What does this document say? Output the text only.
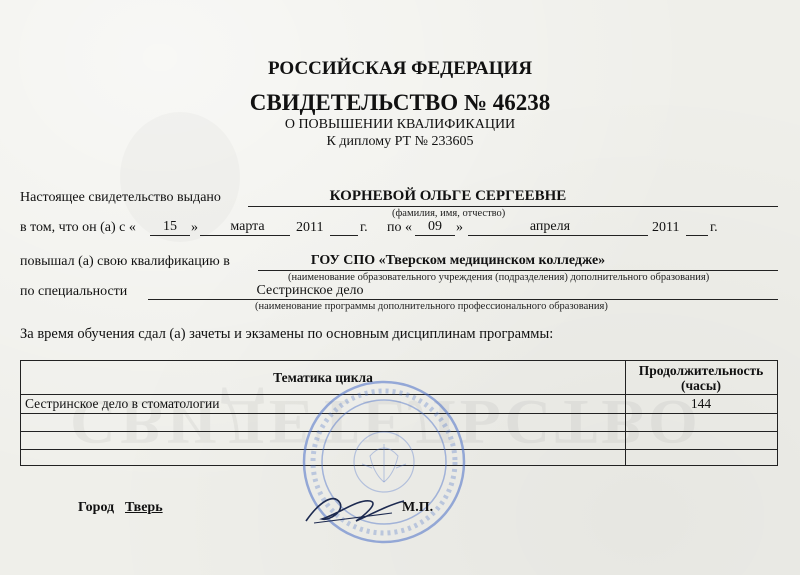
РОССИЙСКАЯ ФЕДЕРАЦИЯ
СВИДЕТЕЛЬСТВО № 46238
О ПОВЫШЕНИИ КВАЛИФИКАЦИИ
К диплому РТ № 233605
Настоящее свидетельство выдано	КОРНЕВОЙ ОЛЬГЕ СЕРГЕЕВНЕ
(фамилия, имя, отчество)
в том, что он (а) с «	15	»	марта	2011	г. по «	09	»	апреля	2011 г.
повышал (а) свою квалификацию в	ГОУ СПО «Тверском медицинском колледже»
(наименование образовательного учреждения (подразделения) дополнительного образования)
по специальности	Сестринское дело
(наименование программы дополнительного профессионального образования)
За время обучения сдал (а) зачеты и экзамены по основным дисциплинам программы:
Тематика цикла	Продолжительность
(часы)
Сестринское дело в стоматологии	144
Город Тверь	М.П.
